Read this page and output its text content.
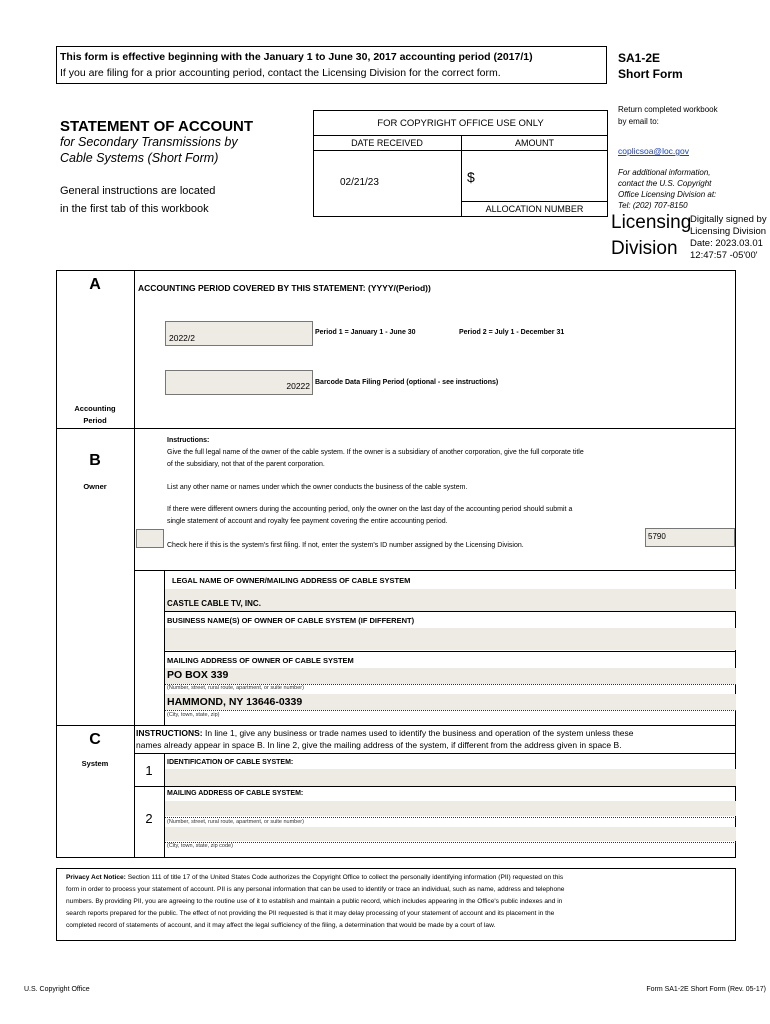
This form is effective beginning with the January 1 to June 30, 2017 accounting period (2017/1)
If you are filing for a prior accounting period, contact the Licensing Division for the correct form.
SA1-2E
Short Form
STATEMENT OF ACCOUNT
for Secondary Transmissions by
Cable Systems (Short Form)
General instructions are located
in the first tab of this workbook
FOR COPYRIGHT OFFICE USE ONLY
DATE RECEIVED	AMOUNT
02/21/23	$
ALLOCATION NUMBER
Return completed workbook
by email to:
coplicsoa@loc.gov
For additional information,
contact the U.S. Copyright
Office Licensing Division at:
Tel: (202) 707-8150
Licensing
Division
Digitally signed by
Licensing Division
Date: 2023.03.01
12:47:57 -05'00'
A
Accounting
Period
ACCOUNTING PERIOD COVERED BY THIS STATEMENT: (YYYY/(Period))
2022/2
Period 1 = January 1 - June 30	Period 2 = July 1 - December 31
20222 Barcode Data Filing Period (optional - see instructions)
B
Owner
Instructions:
Give the full legal name of the owner of the cable system. If the owner is a subsidiary of another corporation, give the full corporate title
of the subsidiary, not that of the parent corporation.
List any other name or names under which the owner conducts the business of the cable system.
If there were different owners during the accounting period, only the owner on the last day of the accounting period should submit a
single statement of account and royalty fee payment covering the entire accounting period.
Check here if this is the system's first filing. If not, enter the system's ID number assigned by the Licensing Division.
5790
LEGAL NAME OF OWNER/MAILING ADDRESS OF CABLE SYSTEM
CASTLE CABLE TV, INC.
BUSINESS NAME(S) OF OWNER OF CABLE SYSTEM (IF DIFFERENT)
MAILING ADDRESS OF OWNER OF CABLE SYSTEM
PO BOX 339
(Number, street, rural route, apartment, or suite number)
HAMMOND, NY 13646-0339
(City, town, state, zip)
C
System
INSTRUCTIONS: In line 1, give any business or trade names used to identify the business and operation of the system unless these
names already appear in space B. In line 2, give the mailing address of the system, if different from the address given in space B.
1
IDENTIFICATION OF CABLE SYSTEM:
2
MAILING ADDRESS OF CABLE SYSTEM:
(Number, street, rural route, apartment, or suite number)
(City, town, state, zip code)
Privacy Act Notice: Section 111 of title 17 of the United States Code authorizes the Copyright Office to collect the personally identifying information (PII) requested on this
form in order to process your statement of account. PII is any personal information that can be used to identify or trace an individual, such as name, address and telephone
numbers. By providing PII, you are agreeing to the routine use of it to establish and maintain a public record, which includes appearing in the Office's public indexes and in
search reports prepared for the public. The effect of not providing the PII requested is that it may delay processing of your statement of account and its placement in the
completed record of statements of account, and it may affect the legal sufficiency of the filing, a determination that would be made by a court of law.
U.S. Copyright Office	Form SA1-2E Short Form (Rev. 05-17)
